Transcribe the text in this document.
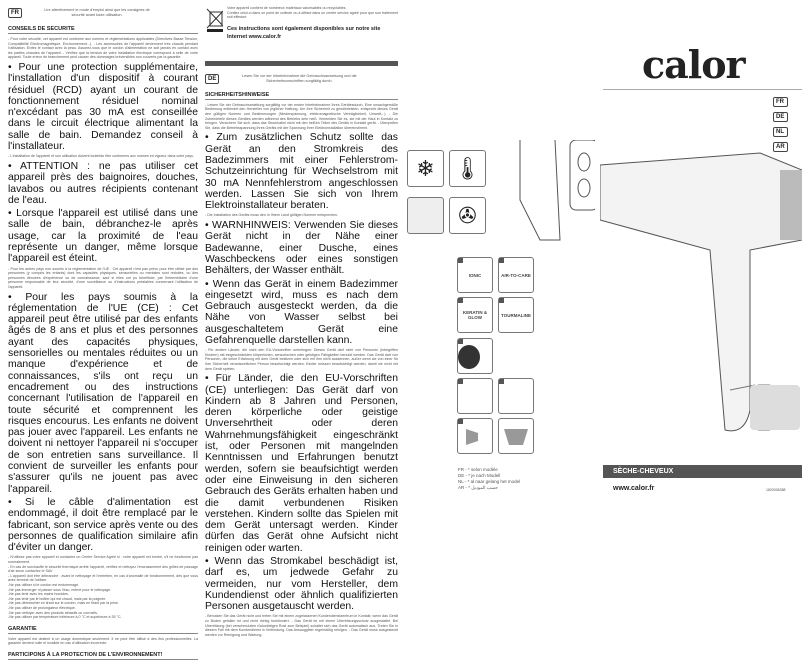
FR	Lire attentivement le mode d'emploi ainsi que les consignes de sécurité avant toute utilisation.
CONSEILS DE SECURITE
- Pour votre sécurité, cet appareil est conforme aux normes et réglementations applicables (Directives Basse Tension, Compatibilité Electromagnétique, Environnement...). - Les accessoires de l'appareil deviennent très chauds pendant l'utilisation. Evitez le contact avec la peau. Assurez-vous que le cordon d'alimentation ne soit jamais en contact avec les parties chaudes de l'appareil. - Vérifiez que la tension de votre installation électrique correspond à celle de votre appareil. Toute erreur de branchement peut causer des dommages irréversibles non couverts par la garantie.
• Pour une protection supplémentaire, l'installation d'un dispositif à courant résiduel (RCD) ayant un courant de fonctionnement résiduel nominal n'excédant pas 30 mA est conseillée dans le circuit électrique alimentant la salle de bain. Demandez conseil à l'installateur.
- L'installation de l'appareil et son utilisation doivent toutefois être conformes aux normes en vigueur dans votre pays.
• ATTENTION : ne pas utiliser cet appareil près des baignoires, douches, lavabos ou autres récipients contenant de l'eau.
• Lorsque l'appareil est utilisé dans une salle de bain, débranchez-le après usage, car la proximité de l'eau représente un danger, même lorsque l'appareil est éteint.
- Pour les autres pays non soumis à la réglementation de l'UE : Cet appareil n'est pas prévu pour être utilisé par des personnes (y compris les enfants) dont les capacités physiques, sensorielles ou mentales sont réduites, ou des personnes dénuées d'expérience ou de connaissance, sauf si elles ont pu bénéficier, par l'intermédiaire d'une personne responsable de leur sécurité, d'une surveillance ou d'instructions préalables concernant l'utilisation de l'appareil.
• Pour les pays soumis à la réglementation de l'UE (CE) : Cet appareil peut être utilisé par des enfants âgés de 8 ans et plus et des personnes ayant des capacités physiques, sensorielles ou mentales réduites ou un manque d'expérience et de connaissances, s'ils ont reçu un encadrement ou des instructions concernant l'utilisation de l'appareil en toute sécurité et comprennent les risques encourus. Les enfants ne doivent pas jouer avec l'appareil. Les enfants ne doivent ni nettoyer l'appareil ni s'occuper de son entretien sans surveillance. Il convient de surveiller les enfants pour s'assurer qu'ils ne jouent pas avec l'appareil.
• Si le câble d'alimentation est endommagé, il doit être remplacé par le fabricant, son service après vente ou des personnes de qualification similaire afin d'éviter un danger.
- N'utilisez pas votre appareil et contactez un Centre Service Agréé si : votre appareil est tombé, s'il ne fonctionne pas normalement.
- En cas de surchauffe le sécurité thermique arrête l'appareil, vérifiez et nettoyez l'encrassement des grilles de passage d'air sinon contactez le SAV.
- L'appareil doit être débranché : avant le nettoyage et l'entretien, en cas d'anomalie de fonctionnement, dès que vous avez terminé de l'utiliser.
-Ne pas utiliser si le cordon est endommagé.
-Ne pas immerger ni passer sous l'eau, même pour le nettoyage.
-Ne pas tenir avec les mains humides.
-Ne pas tenir par le boîtier qui est chaud, mais par la poignée.
-Ne pas débrancher en tirant sur le cordon, mais en tirant par la prise.
-Ne pas utiliser de prolongateur électrique.
-Ne pas nettoyer avec des produits abrasifs ou corrosifs.
-Ne pas utiliser par température inférieure à 0 °C et supérieure à 35 °C.
GARANTIE
Votre appareil est destiné à un usage domestique seulement. Il ne peut être utilisé à des fins professionnelles. La garantie devient nulle et invalide en cas d'utilisation incorrecte.
PARTICIPONS À LA PROTECTION DE L'ENVIRONNEMENT!
Votre appareil contient de nombreux matériaux valorisables ou recyclables.
Confiez celui-ci dans un point de collecte ou à défaut dans un centre service agréé pour que son traitement soit effectué.
Ces instructions sont également disponibles sur notre site Internet www.calor.fr
DE	Lesen Sie vor der Inbetriebnahme die Gebrauchsanweisung und die Sicherheitsvorschriften sorgfältig durch.
SICHERHEITSHINWEISE
- Leisen Sie der Gebrauchsanleitung sorgfältig vor der ersten Inbetriebnahme Ihres Gerätesdurch. Eine unsachgemäße Bedienung entbindet den Hersteller von jeglicher Haftung. Um Ihre Sicherheit zu gewährleisten, entspricht dieses Gerät den gültigen Normen und Bestimmungen (Niederspannung, elektromagnetische Verträglichkeit, Umwelt...). - Die Zubehörteile dieses Gerätes werden während des Betriebs sehr heiß. Vermeiden Sie es, sie mit der Haut in Kontakt zu bringen. Versichern Sie sich, dass das Stromkabel nicht mit den heißen Teilen des Geräts in Kontakt gerät. - Überprüfen Sie, dass die Betriebsspannung Ihres Geräts mit der Spannung Ihrer Elektroinstallation übereinstimmt.
• Zum zusätzlichen Schutz sollte das Gerät an den Stromkreis des Badezimmers mit einer Fehlerstrom-Schutzeinrichtung für Wechselstrom mit 30 mA Nennfehlerstrom angeschlossen werden. Lassen Sie sich von Ihrem Elektroinstallateur beraten.
- Die Installation des Geräts muss den in Ihrem Land gültigen Normen entsprechen.
• WARNHINWEIS: Verwenden Sie dieses Gerät nicht in der Nähe einer Badewanne, einer Dusche, eines Waschbeckens oder eines sonstigen Behälters, der Wasser enthält.
• Wenn das Gerät in einem Badezimmer eingesetzt wird, muss es nach dem Gebrauch ausgesteckt werden, da die Nähe von Wasser selbst bei ausgeschaltetem Gerät eine Gefahrenquelle darstellen kann.
- Für andere Länder, die nicht den EU-Vorschriften unterliegen: Dieses Gerät darf nicht von Personen (inbegriffen Kindern) mit eingeschränkten körperlichen, sensorischen oder geistigen Fähigkeiten benutzt werden. Das Gerät darf von Personen, die keine Erfahrung mit dem Gerät besitzen oder sich mit ihm nicht auskennen, außer wenn sie von einer für ihre Sicherheit verantwortlichen Person beaufsichtigt werden. Kinder müssen beaufsichtigt werden, damit sie nicht mit dem Gerät spielen.
• Für Länder, die den EU-Vorschriften (CE) unterliegen: Das Gerät darf von Kindern ab 8 Jahren und Personen, deren körperliche oder geistige Unversehrtheit oder deren Wahrnehmungsfähigkeit eingeschränkt ist, oder Personen mit mangelnden Kenntnissen und Erfahrungen benutzt werden, sofern sie beaufsichtigt werden oder eine Einweisung in den sicheren Gebrauch des Geräts erhalten haben und die damit verbundenen Risiken verstehen. Kindern sollte das Spielen mit dem Gerät untersagt werden. Kinder dürfen das Gerät ohne Aufsicht nicht reinigen oder warten.
• Wenn das Stromkabel beschädigt ist, darf es, um jedwede Gefahr zu vermeiden, nur vom Hersteller, dem Kundendienst oder ähnlich qualifizierten Personen ausgetauscht werden.
- Benutzen Sie das Gerät nicht und treten Sie mit einem zugelassenen Kundendienstzentrum in Kontakt, wenn das Gerät zu Boden gefallen ist und nicht richtig funktioniert. - Das Gerät ist mit einem Überhitzungsschutz ausgestattet. Bei Überhitzung (bei verschmutzten rückwärtigen Rost zum Beispiel) schaltet sich das Gerät automatisch aus. Treten Sie in diesem Fall mit dem Kundendienst in Verbindung. Das Ansauggitter regelmäßig reinigen. - Das Gerät muss ausgesteckt werden vor Reinigung und Wartung.
❄ 🌡
✇
IONIC	AIR-TO-CARE
KERATIN & GLOW	TOURMALINE
FR - * selon modèle
DE - * je nach Modell
NL - * al naar gelang het model
AR - * حسب الموديل
calor
FR
DE
NL
AR
SÈCHE-CHEVEUX
www.calor.fr	1820006388
